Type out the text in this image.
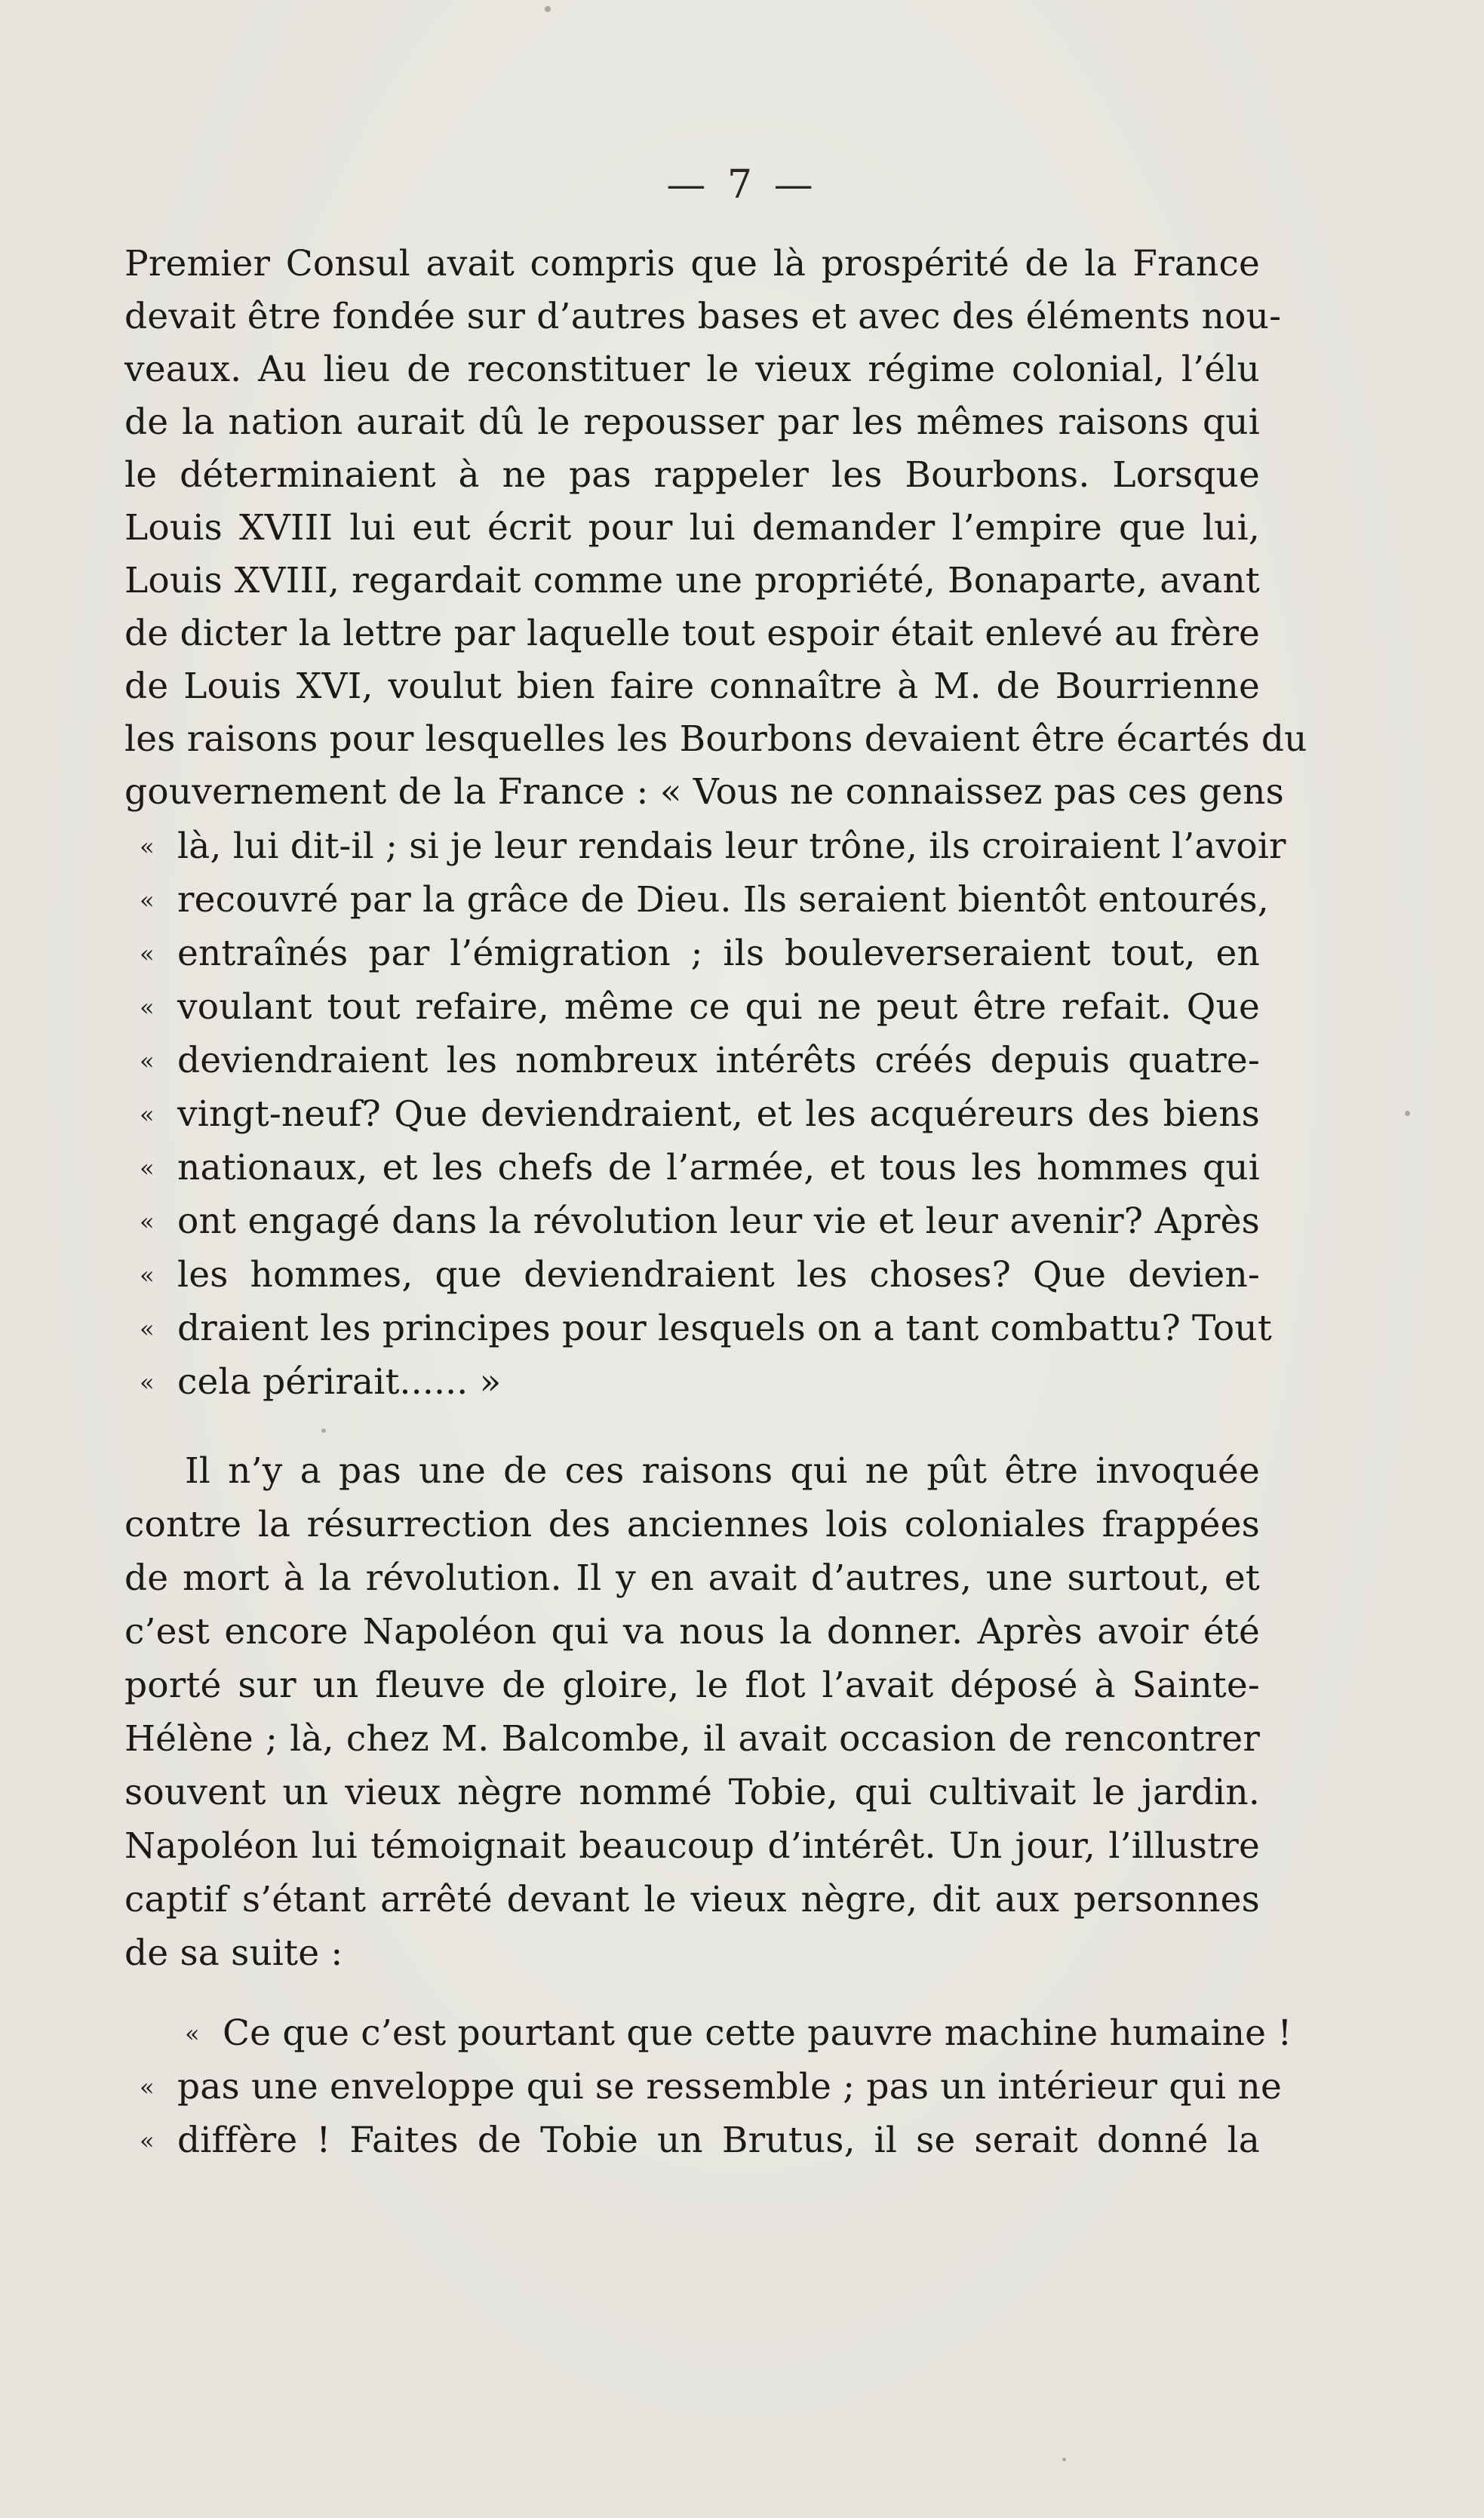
— 7 —
Premier Consul avait compris que là prospérité de la France
devait être fondée sur d’autres bases et avec des éléments nou-
veaux. Au lieu de reconstituer le vieux régime colonial, l’élu
de la nation aurait dû le repousser par les mêmes raisons qui
le déterminaient à ne pas rappeler les Bourbons. Lorsque
Louis XVIII lui eut écrit pour lui demander l’empire que lui,
Louis XVIII, regardait comme une propriété, Bonaparte, avant
de dicter la lettre par laquelle tout espoir était enlevé au frère
de Louis XVI, voulut bien faire connaître à M. de Bourrienne
les raisons pour lesquelles les Bourbons devaient être écartés du
gouvernement de la France : « Vous ne connaissez pas ces gens
« là, lui dit-il ; si je leur rendais leur trône, ils croiraient l’avoir
« recouvré par la grâce de Dieu. Ils seraient bientôt entourés,
« entraînés par l’émigration ; ils bouleverseraient tout, en
« voulant tout refaire, même ce qui ne peut être refait. Que
« deviendraient les nombreux intérêts créés depuis quatre-
« vingt-neuf? Que deviendraient, et les acquéreurs des biens
« nationaux, et les chefs de l’armée, et tous les hommes qui
« ont engagé dans la révolution leur vie et leur avenir? Après
« les hommes, que deviendraient les choses? Que devien-
« draient les principes pour lesquels on a tant combattu? Tout
« cela périrait...... »
Il n’y a pas une de ces raisons qui ne pût être invoquée
contre la résurrection des anciennes lois coloniales frappées
de mort à la révolution. Il y en avait d’autres, une surtout, et
c’est encore Napoléon qui va nous la donner. Après avoir été
porté sur un fleuve de gloire, le flot l’avait déposé à Sainte-
Hélène ; là, chez M. Balcombe, il avait occasion de rencontrer
souvent un vieux nègre nommé Tobie, qui cultivait le jardin.
Napoléon lui témoignait beaucoup d’intérêt. Un jour, l’illustre
captif s’étant arrêté devant le vieux nègre, dit aux personnes
de sa suite :
« Ce que c’est pourtant que cette pauvre machine humaine !
« pas une enveloppe qui se ressemble ; pas un intérieur qui ne
« diffère ! Faites de Tobie un Brutus, il se serait donné la
